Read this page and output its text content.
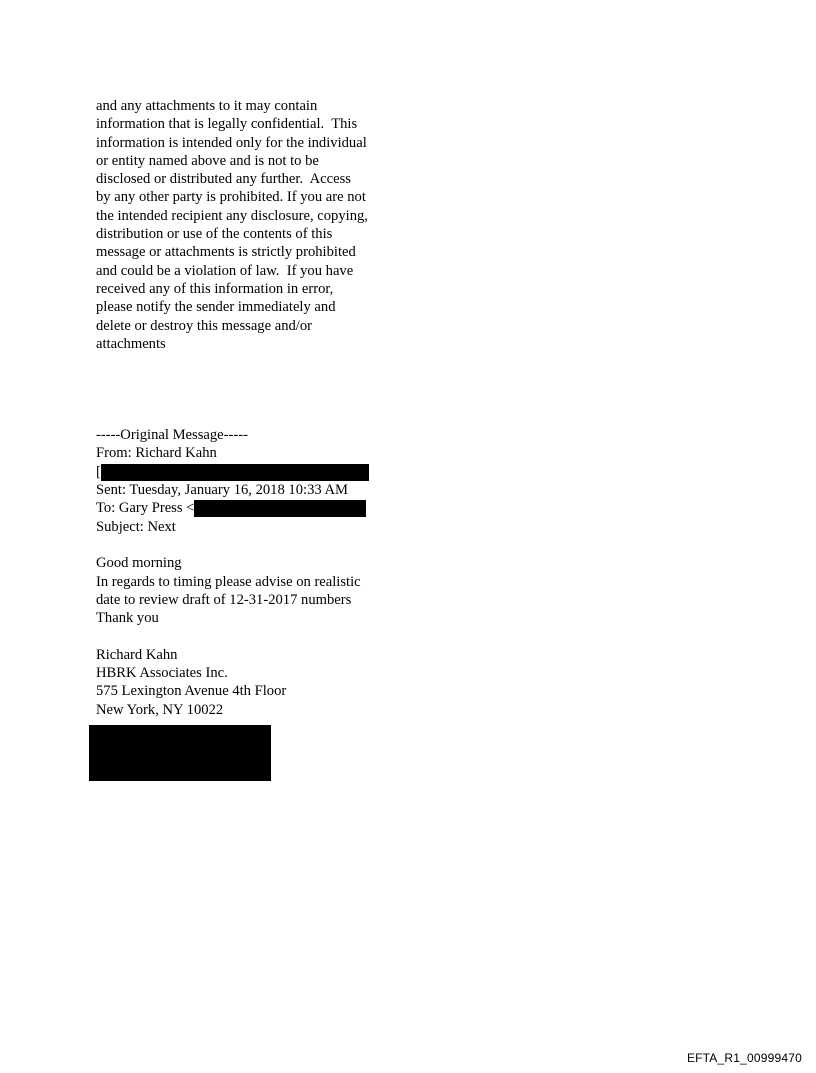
and any attachments to it may contain
information that is legally confidential.  This
information is intended only for the individual
or entity named above and is not to be
disclosed or distributed any further.  Access
by any other party is prohibited. If you are not
the intended recipient any disclosure, copying,
distribution or use of the contents of this
message or attachments is strictly prohibited
and could be a violation of law.  If you have
received any of this information in error,
please notify the sender immediately and
delete or destroy this message and/or
attachments
-----Original Message-----
From: Richard Kahn
[
Sent: Tuesday, January 16, 2018 10:33 AM
To: Gary Press <
Subject: Next
Good morning
In regards to timing please advise on realistic
date to review draft of 12-31-2017 numbers
Thank you
Richard Kahn
HBRK Associates Inc.
575 Lexington Avenue 4th Floor
New York, NY 10022
EFTA_R1_00999470
